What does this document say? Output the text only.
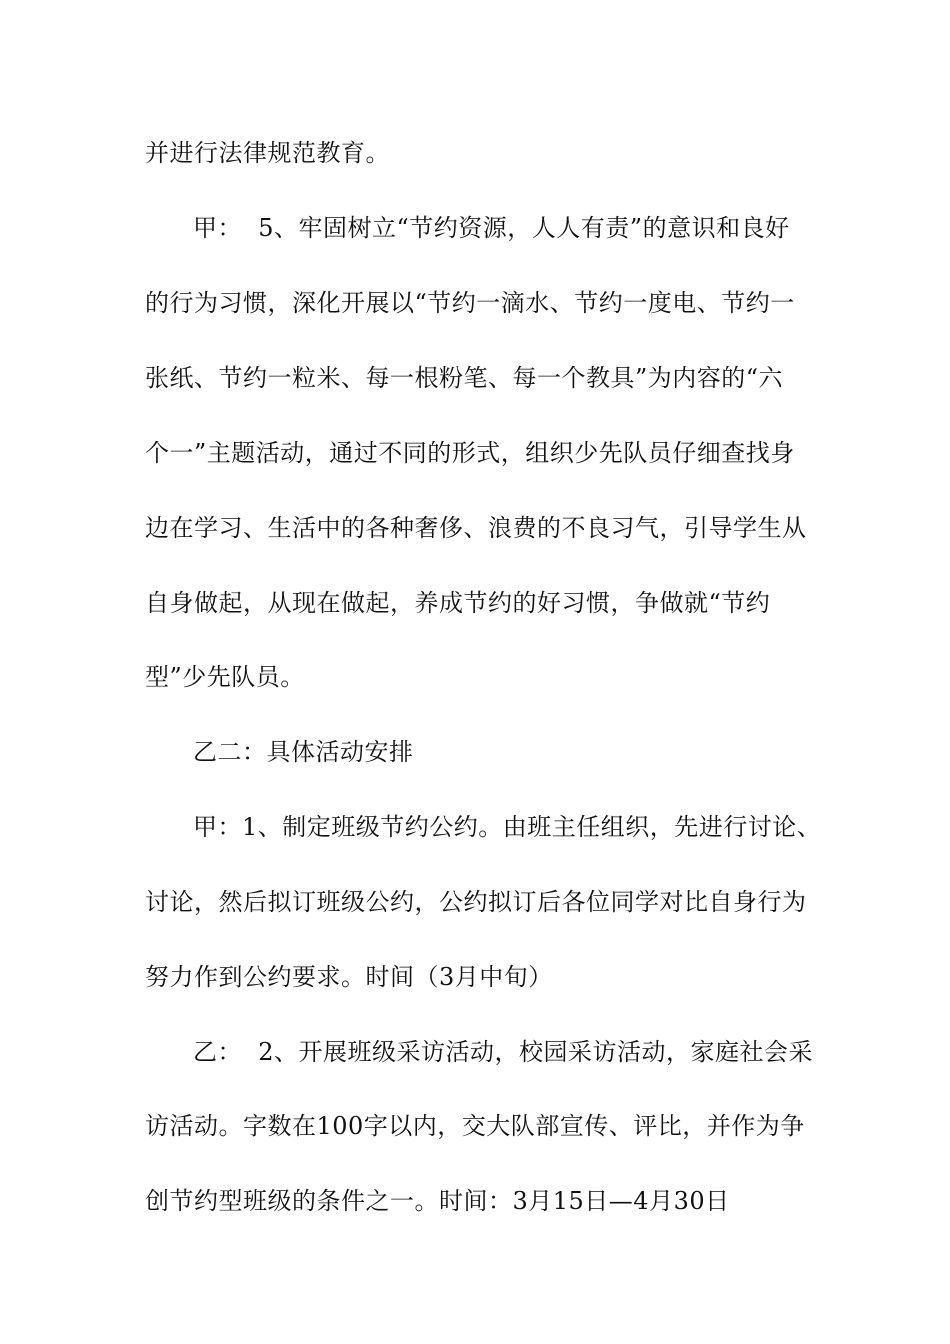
并进行法律规范教育。
甲：  5、牢固树立“节约资源，人人有责”的意识和良好
的行为习惯，深化开展以“节约一滴水、节约一度电、节约一
张纸、节约一粒米、每一根粉笔、每一个教具”为内容的“六
个一”主题活动，通过不同的形式，组织少先队员仔细查找身
边在学习、生活中的各种奢侈、浪费的不良习气，引导学生从
自身做起，从现在做起，养成节约的好习惯，争做就“节约
型”少先队员。
乙二：具体活动安排
甲：1、制定班级节约公约。由班主任组织，先进行讨论、
讨论，然后拟订班级公约，公约拟订后各位同学对比自身行为
努力作到公约要求。时间（3月中旬）
乙：  2、开展班级采访活动，校园采访活动，家庭社会采
访活动。字数在100字以内，交大队部宣传、评比，并作为争
创节约型班级的条件之一。时间：3月15日—4月30日
